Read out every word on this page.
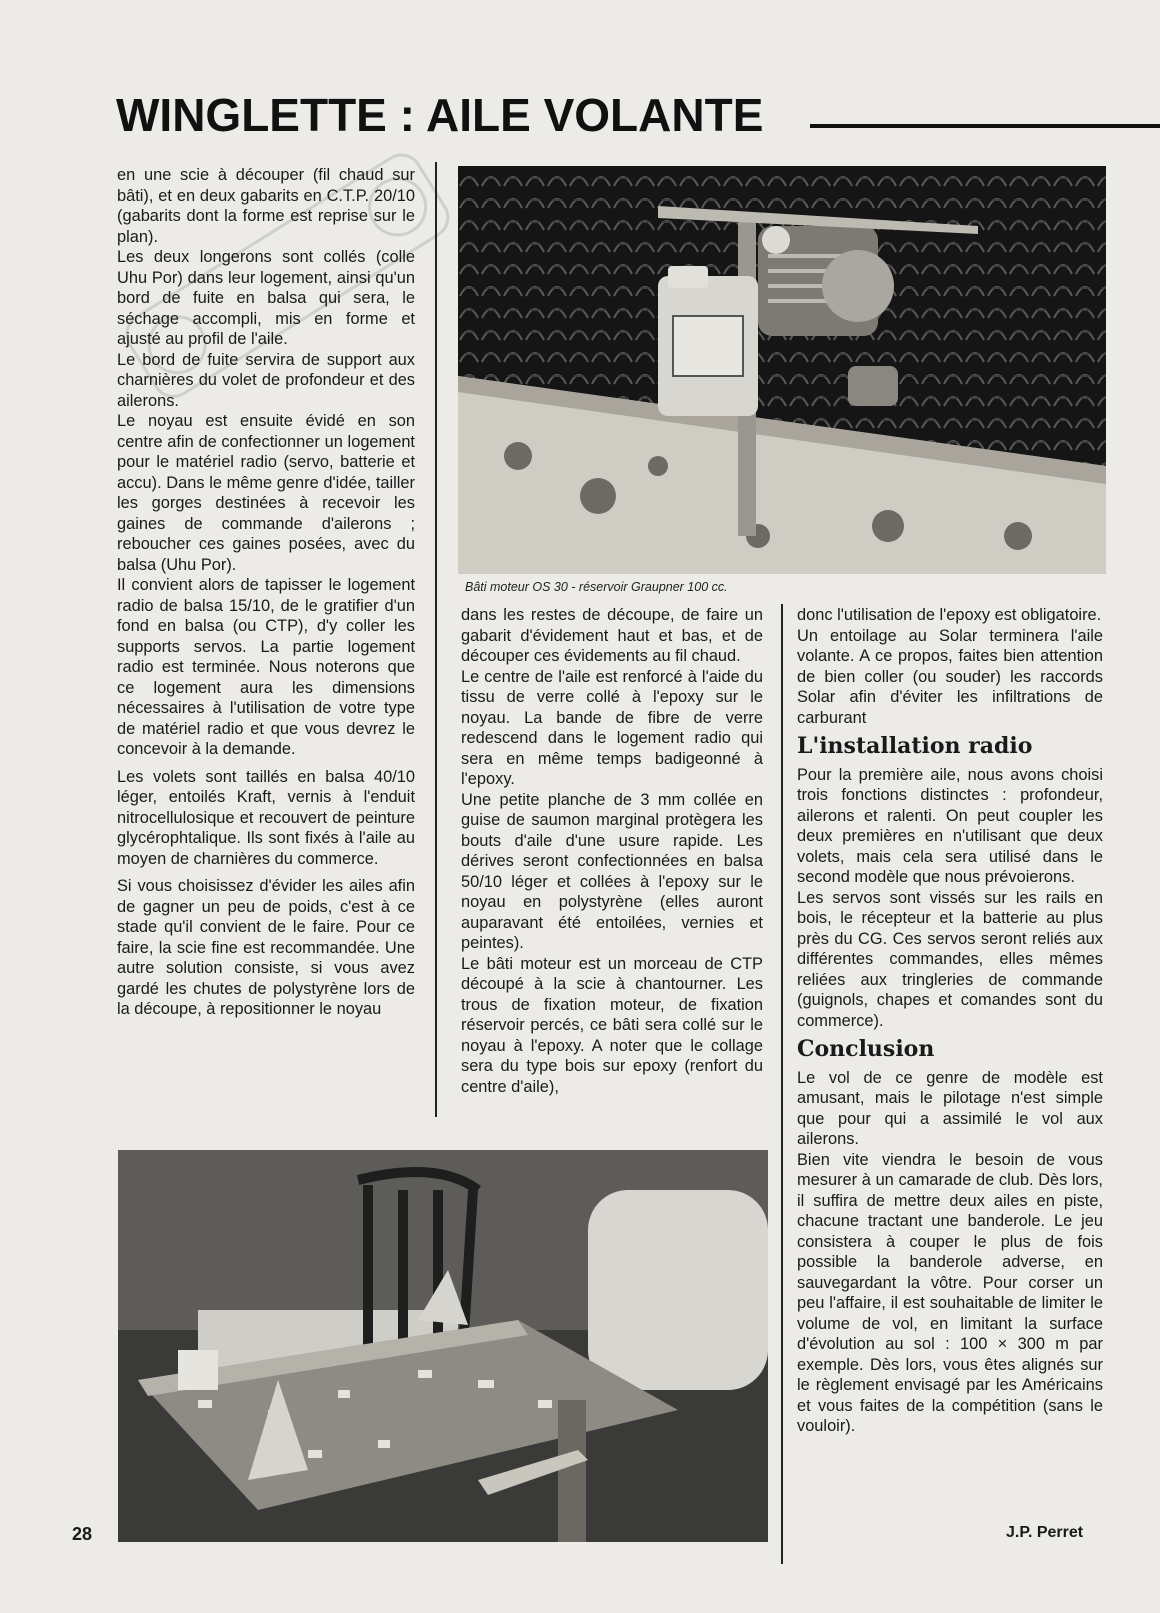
WINGLETTE : AILE VOLANTE

en une scie à découper (fil chaud sur bâti), et en deux gabarits en C.T.P. 20/10 (gabarits dont la forme est reprise sur le plan).

Les deux longerons sont collés (colle Uhu Por) dans leur logement, ainsi qu'un bord de fuite en balsa qui sera, le séchage accompli, mis en forme et ajusté au profil de l'aile.

Le bord de fuite servira de support aux charnières du volet de profondeur et des ailerons.

Le noyau est ensuite évidé en son centre afin de confectionner un logement pour le matériel radio (servo, batterie et accu). Dans le même genre d'idée, tailler les gorges destinées à recevoir les gaines de commande d'ailerons ; reboucher ces gaines posées, avec du balsa (Uhu Por).

Il convient alors de tapisser le logement radio de balsa 15/10, de le gratifier d'un fond en balsa (ou CTP), d'y coller les supports servos. La partie logement radio est terminée. Nous noterons que ce logement aura les dimensions nécessaires à l'utilisation de votre type de matériel radio et que vous devrez le concevoir à la demande.

Les volets sont taillés en balsa 40/10 léger, entoilés Kraft, vernis à l'enduit nitrocellulosique et recouvert de peinture glycérophtalique. Ils sont fixés à l'aile au moyen de charnières du commerce.

Si vous choisissez d'évider les ailes afin de gagner un peu de poids, c'est à ce stade qu'il convient de le faire. Pour ce faire, la scie fine est recommandée. Une autre solution consiste, si vous avez gardé les chutes de polystyrène lors de la découpe, à repositionner le noyau

Bâti moteur OS 30 - réservoir Graupner 100 cc.

dans les restes de découpe, de faire un gabarit d'évidement haut et bas, et de découper ces évidements au fil chaud.

Le centre de l'aile est renforcé à l'aide du tissu de verre collé à l'epoxy sur le noyau. La bande de fibre de verre redescend dans le logement radio qui sera en même temps badigeonné à l'epoxy.

Une petite planche de 3 mm collée en guise de saumon marginal protègera les bouts d'aile d'une usure rapide. Les dérives seront confectionnées en balsa 50/10 léger et collées à l'epoxy sur le noyau en polystyrène (elles auront auparavant été entoilées, vernies et peintes).

Le bâti moteur est un morceau de CTP découpé à la scie à chantourner. Les trous de fixation moteur, de fixation réservoir percés, ce bâti sera collé sur le noyau à l'epoxy. A noter que le collage sera du type bois sur epoxy (renfort du centre d'aile),

donc l'utilisation de l'epoxy est obligatoire.

Un entoilage au Solar terminera l'aile volante. A ce propos, faites bien attention de bien coller (ou souder) les raccords Solar afin d'éviter les infiltrations de carburant

L'installation radio

Pour la première aile, nous avons choisi trois fonctions distinctes : profondeur, ailerons et ralenti. On peut coupler les deux premières en n'utilisant que deux volets, mais cela sera utilisé dans le second modèle que nous prévoierons.

Les servos sont vissés sur les rails en bois, le récepteur et la batterie au plus près du CG. Ces servos seront reliés aux différentes commandes, elles mêmes reliées aux tringleries de commande (guignols, chapes et comandes sont du commerce).

Conclusion

Le vol de ce genre de modèle est amusant, mais le pilotage n'est simple que pour qui a assimilé le vol aux ailerons.

Bien vite viendra le besoin de vous mesurer à un camarade de club. Dès lors, il suffira de mettre deux ailes en piste, chacune tractant une banderole. Le jeu consistera à couper le plus de fois possible la banderole adverse, en sauvegardant la vôtre. Pour corser un peu l'affaire, il est souhaitable de limiter le volume de vol, en limitant la surface d'évolution au sol : 100 × 300 m par exemple. Dès lors, vous êtes alignés sur le règlement envisagé par les Américains et vous faites de la compétition (sans le vouloir).

28	J.P. Perret
